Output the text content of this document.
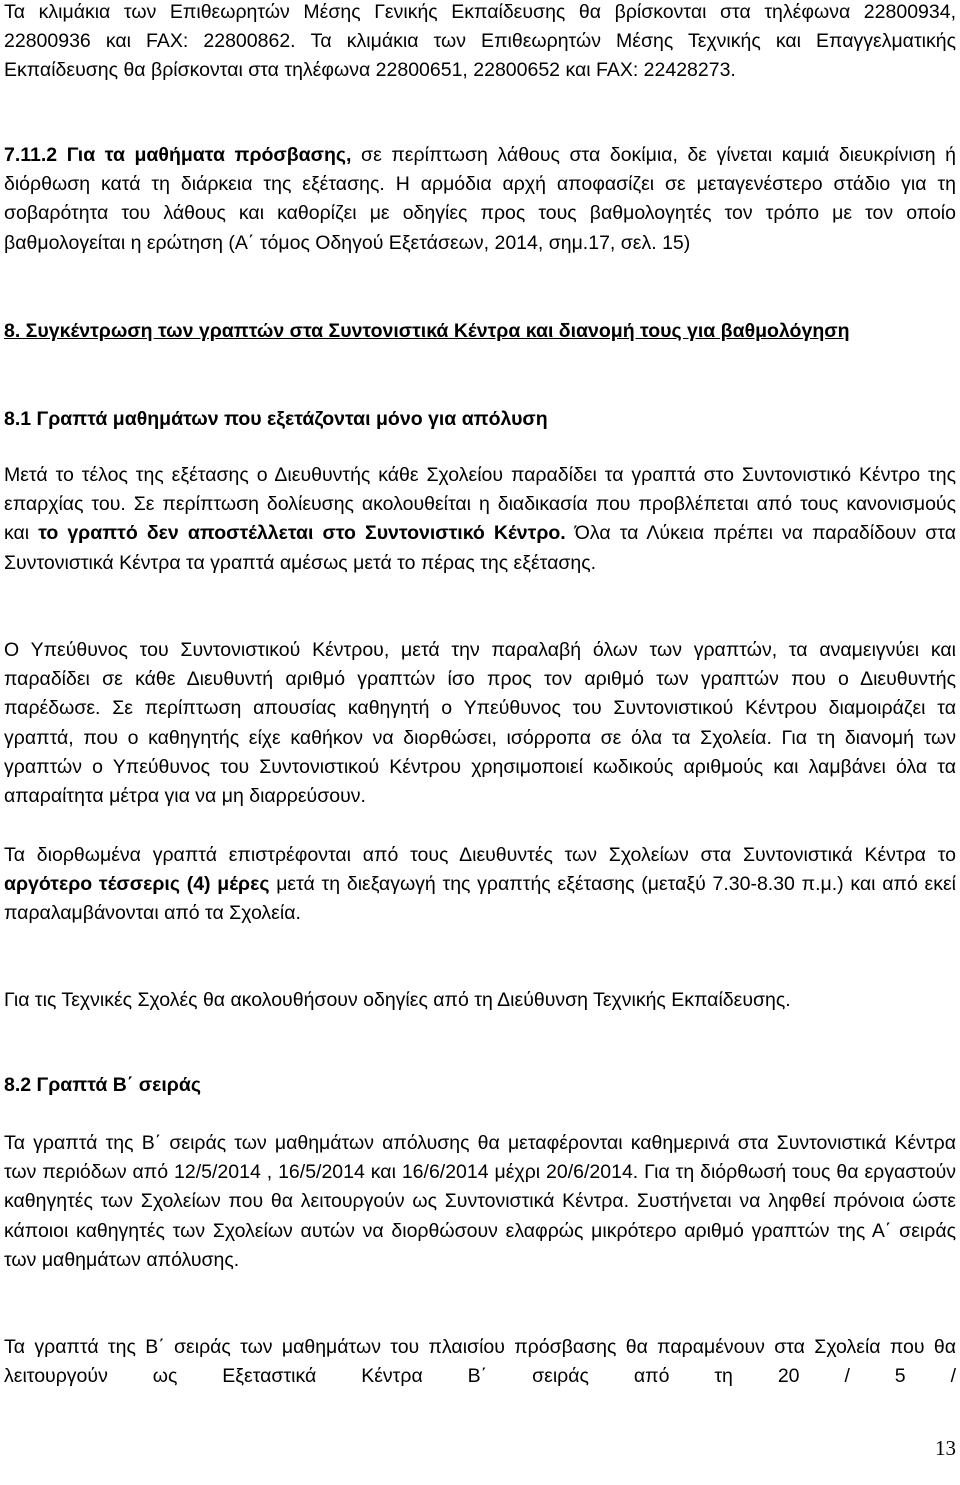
Τα κλιμάκια των Επιθεωρητών Μέσης Γενικής Εκπαίδευσης θα βρίσκονται στα τηλέφωνα 22800934, 22800936 και FAX: 22800862. Τα κλιμάκια των Επιθεωρητών Μέσης Τεχνικής και Επαγγελματικής Εκπαίδευσης θα βρίσκονται στα τηλέφωνα 22800651, 22800652 και FAX: 22428273.

7.11.2 Για τα μαθήματα πρόσβασης, σε περίπτωση λάθους στα δοκίμια, δε γίνεται καμιά διευκρίνιση ή διόρθωση κατά τη διάρκεια της εξέτασης. Η αρμόδια αρχή αποφασίζει σε μεταγενέστερο στάδιο για τη σοβαρότητα του λάθους και καθορίζει με οδηγίες προς τους βαθμολογητές τον τρόπο με τον οποίο βαθμολογείται η ερώτηση (Α΄ τόμος Οδηγού Εξετάσεων, 2014, σημ.17, σελ. 15)

8. Συγκέντρωση των γραπτών στα Συντονιστικά Κέντρα και διανομή τους για βαθμολόγηση

8.1 Γραπτά μαθημάτων που εξετάζονται μόνο για απόλυση

Μετά το τέλος της εξέτασης ο Διευθυντής κάθε Σχολείου παραδίδει τα γραπτά στο Συντονιστικό Κέντρο της επαρχίας του. Σε περίπτωση δολίευσης ακολουθείται η διαδικασία που προβλέπεται από τους κανονισμούς και το γραπτό δεν αποστέλλεται στο Συντονιστικό Κέντρο. Όλα τα Λύκεια πρέπει να παραδίδουν στα Συντονιστικά Κέντρα τα γραπτά αμέσως μετά το πέρας της εξέτασης.

Ο Υπεύθυνος του Συντονιστικού Κέντρου, μετά την παραλαβή όλων των γραπτών, τα αναμειγνύει και παραδίδει σε κάθε Διευθυντή αριθμό γραπτών ίσο προς τον αριθμό των γραπτών που ο Διευθυντής παρέδωσε. Σε περίπτωση απουσίας καθηγητή ο Υπεύθυνος του Συντονιστικού Κέντρου διαμοιράζει τα γραπτά, που ο καθηγητής είχε καθήκον να διορθώσει, ισόρροπα σε όλα τα Σχολεία. Για τη διανομή των γραπτών ο Υπεύθυνος του Συντονιστικού Κέντρου χρησιμοποιεί κωδικούς αριθμούς και λαμβάνει όλα τα απαραίτητα μέτρα για να μη διαρρεύσουν.

Τα διορθωμένα γραπτά επιστρέφονται από τους Διευθυντές των Σχολείων στα Συντονιστικά Κέντρα το αργότερο τέσσερις (4) μέρες μετά τη διεξαγωγή της γραπτής εξέτασης (μεταξύ 7.30-8.30 π.μ.) και από εκεί παραλαμβάνονται από τα Σχολεία.

Για τις Τεχνικές Σχολές θα ακολουθήσουν οδηγίες από τη Διεύθυνση Τεχνικής Εκπαίδευσης.

8.2 Γραπτά Β΄ σειράς

Τα γραπτά της Β΄ σειράς των μαθημάτων απόλυσης θα μεταφέρονται καθημερινά στα Συντονιστικά Κέντρα των περιόδων από 12/5/2014 , 16/5/2014 και 16/6/2014 μέχρι 20/6/2014. Για τη διόρθωσή τους θα εργαστούν καθηγητές των Σχολείων που θα λειτουργούν ως Συντονιστικά Κέντρα. Συστήνεται να ληφθεί πρόνοια ώστε κάποιοι καθηγητές των Σχολείων αυτών να διορθώσουν ελαφρώς μικρότερο αριθμό γραπτών της Α΄ σειράς των μαθημάτων απόλυσης.

Τα γραπτά της Β΄ σειράς των μαθημάτων του πλαισίου πρόσβασης θα παραμένουν στα Σχολεία που θα λειτουργούν ως Εξεταστικά Κέντρα Β΄ σειράς από τη 20 / 5 /

13
